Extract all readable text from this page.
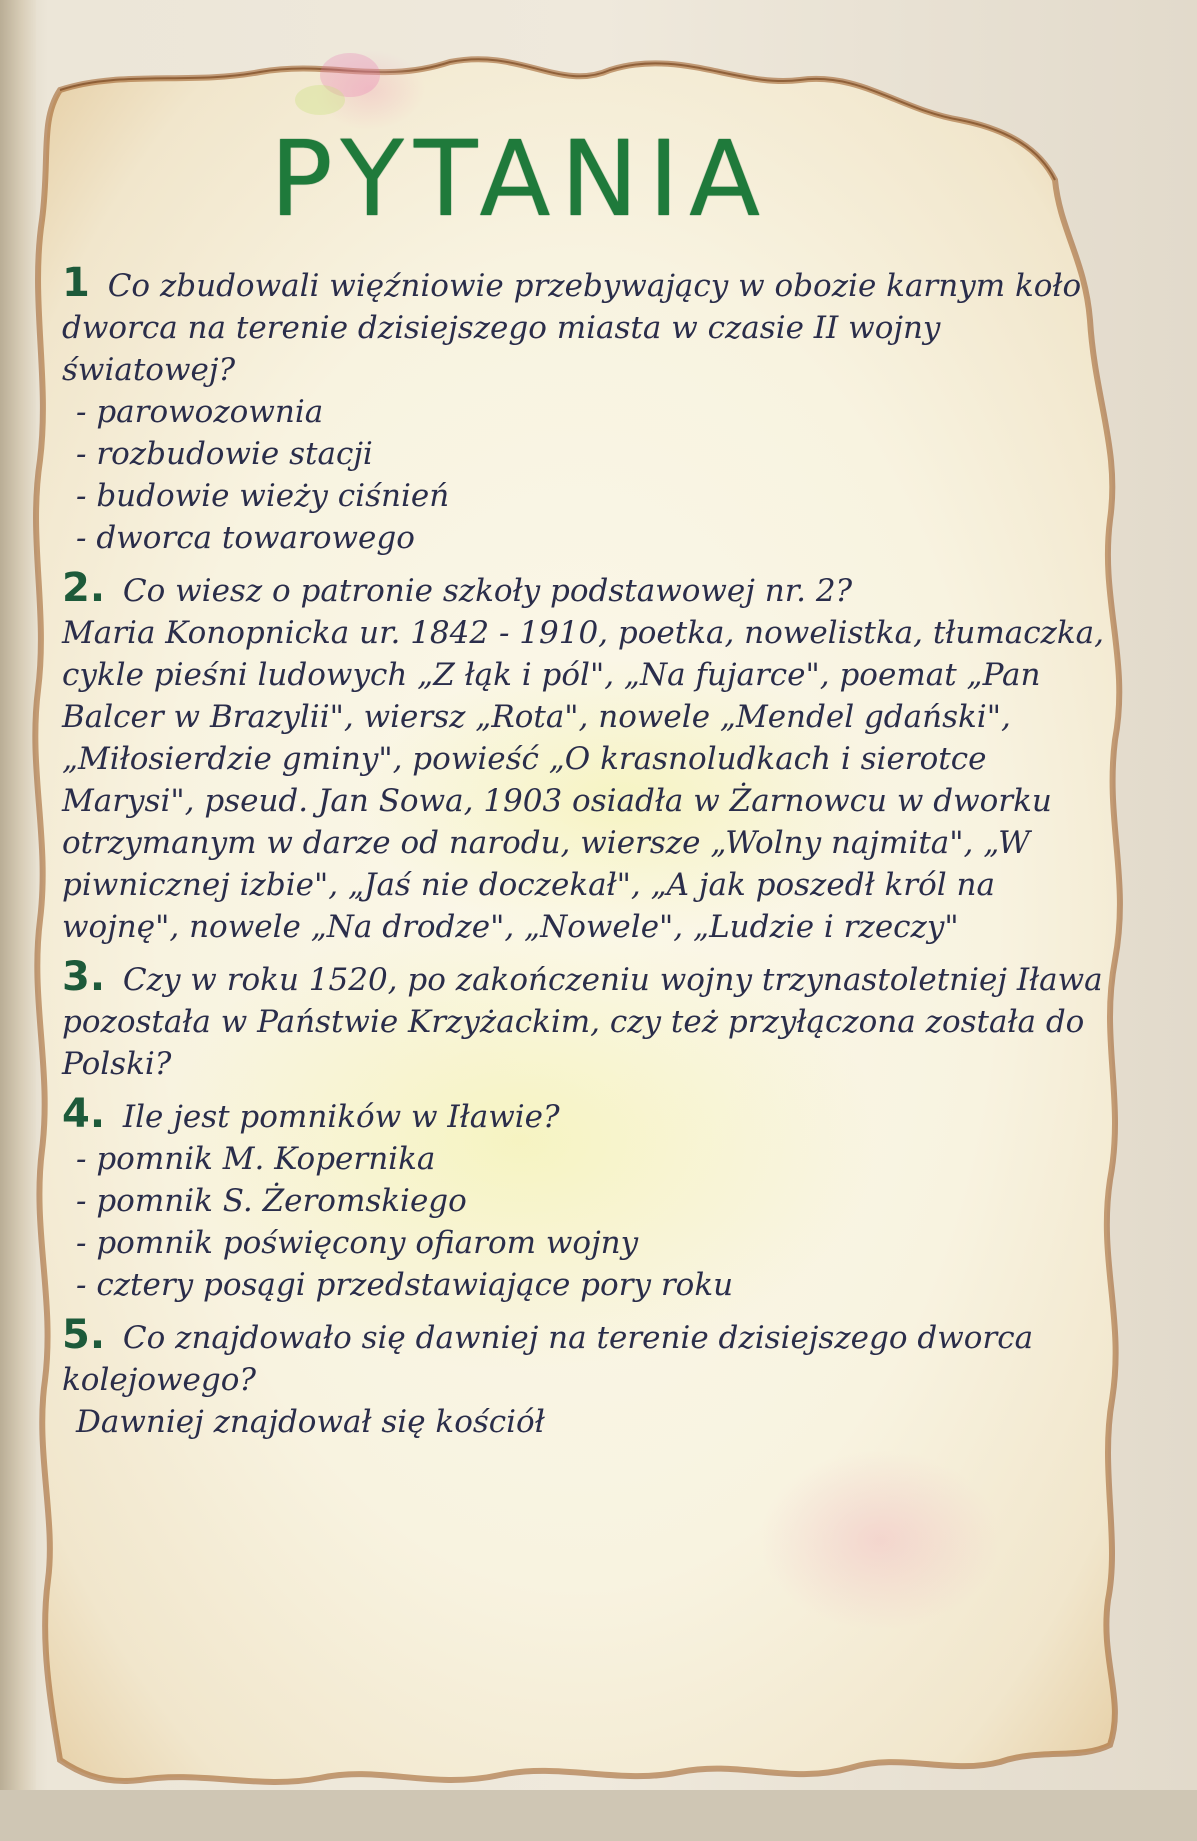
PYTANIA
1 Co zbudowali więźniowie przebywający w obozie karnym koło dworca na terenie dzisiejszego miasta w czasie II wojny światowej?

- parowozownia

- rozbudowie stacji

- budowie wieży ciśnień

- dworca towarowego

2. Co wiesz o patronie szkoły podstawowej nr. 2?

Maria Konopnicka ur. 1842 - 1910, poetka, nowelistka, tłumaczka, cykle pieśni ludowych „Z łąk i pól", „Na fujarce", poemat „Pan Balcer w Brazylii", wiersz „Rota", nowele „Mendel gdański", „Miłosierdzie gminy", powieść „O krasnoludkach i sierotce Marysi", pseud. Jan Sowa, 1903 osiadła w Żarnowcu w dworku otrzymanym w darze od narodu, wiersze „Wolny najmita", „W piwnicznej izbie", „Jaś nie doczekał", „A jak poszedł król na wojnę", nowele „Na drodze", „Nowele", „Ludzie i rzeczy"

3. Czy w roku 1520, po zakończeniu wojny trzynastoletniej Iława pozostała w Państwie Krzyżackim, czy też przyłączona została do Polski?
4. Ile jest pomników w Iławie?

- pomnik M. Kopernika

- pomnik S. Żeromskiego

- pomnik poświęcony ofiarom wojny

- cztery posągi przedstawiające pory roku

5. Co znajdowało się dawniej na terenie dzisiejszego dworca kolejowego?

Dawniej znajdował się kościół
